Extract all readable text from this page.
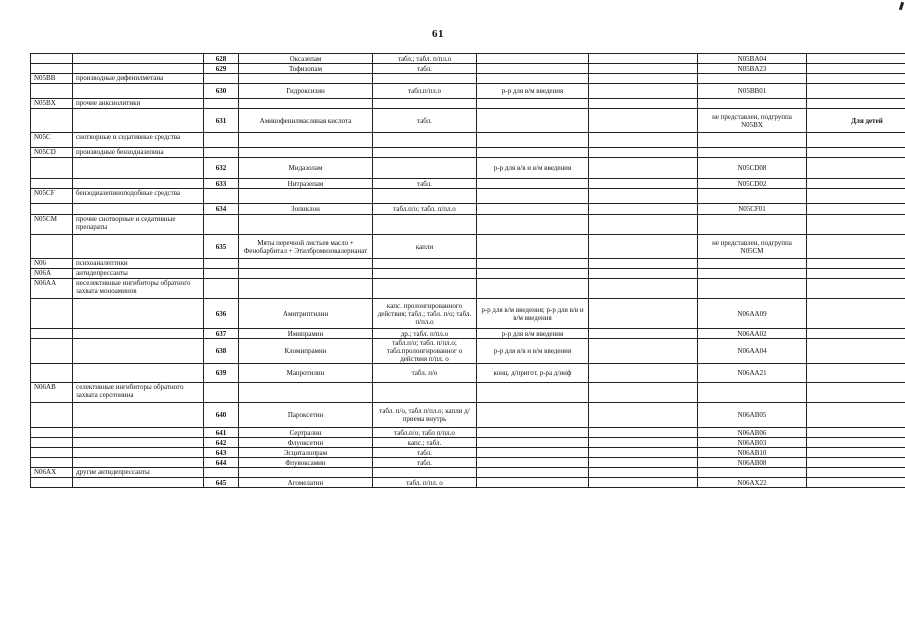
61
		628	Оксазепам	табл.; табл. п/пл.о			N05BA04	
		629	Тофизопам	табл.			N05BA23	
N05BB	производные дифенилметана							
		630	Гидроксизин	табл.п/пл.о	р-р для в/м введения		N05BB01	
N05BX	прочие анксиолитики							
		631	Аминофенилмасляная кислота	табл.			не представлен, подгруппа N05BX	Для детей
N05C	снотворные и седативные средства							
N05CD	производные бензодиазепина							
		632	Мидазолам		р-р для в/в и в/м введения		N05CD08	
		633	Нитразепам	табл.			N05CD02	
N05CF	бензодиазепиноподобные средства							
		634	Зопиклон	табл.п/о; табл. п/пл.о			N05CF01	
N05CM	прочие снотворные и седативные препараты							
		635	Мяты перечной листьев масло + Фенобарбитал + Этилбромизовалерианат	капли			не представлен, подгруппа N05CM	
N06	психоаналептики							
N06A	антидепрессанты							
N06AA	неселективные ингибиторы обратного захвата моноаминов							
		636	Амитриптилин	капс. пролонгированного действия; табл.; табл. п/о; табл. п/пл.о	р-р для в/м введения; р-р для в/в и в/м введения		N06AA09	
		637	Имипрамин	др.; табл. п/пл.о	р-р для в/м введения		N06AA02	
		638	Кломипрамин	табл.п/о; табл. п/пл.о; табл.пролонгированног о действия п/пл. о	р-р для в/в и в/м введения		N06AA04	
		639	Мапротилин	табл. п/о	конц. д/пригот. р-ра д/инф		N06AA21	
N06AB	селективные ингибиторы обратного захвата серотонина							
		640	Пароксетин	табл. п/о, табл п/пл.о; капли д/приема внутрь			N06AB05	
		641	Сертралин	табл.п/о; табл п/пл.о			N06AB06	
		642	Флуоксетин	капс.; табл.			N06AB03	
		643	Эсциталопрам	табл.			N06AB10	
		644	Флувоксамин	табл.			N06AB08	
N06AX	другие антидепрессанты							
		645	Агомелатин	табл. п/пл. о			N06AX22	
